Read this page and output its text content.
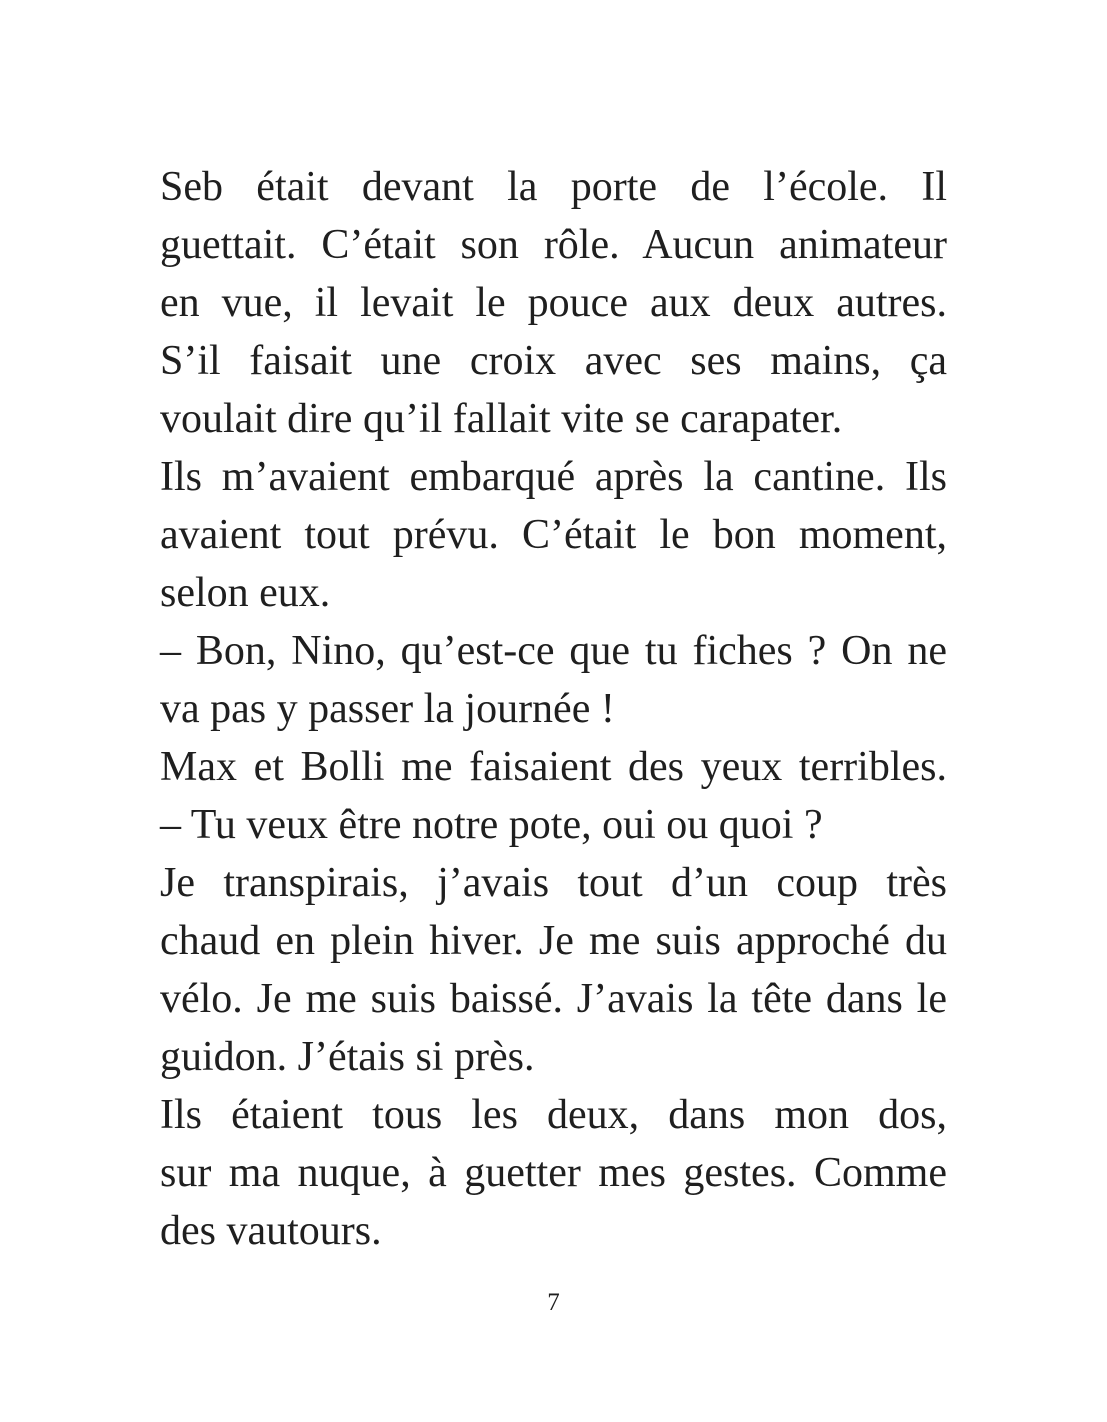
Seb était devant la porte de l’école. Il
guettait. C’était son rôle. Aucun animateur
en vue, il levait le pouce aux deux autres.
S’il faisait une croix avec ses mains, ça
voulait dire qu’il fallait vite se carapater.
Ils m’avaient embarqué après la cantine. Ils
avaient tout prévu. C’était le bon moment,
selon eux.
– Bon, Nino, qu’est-ce que tu fiches ? On ne
va pas y passer la journée !
Max et Bolli me faisaient des yeux terribles.
– Tu veux être notre pote, oui ou quoi ?
Je transpirais, j’avais tout d’un coup très
chaud en plein hiver. Je me suis approché du
vélo. Je me suis baissé. J’avais la tête dans le
guidon. J’étais si près.
Ils étaient tous les deux, dans mon dos,
sur ma nuque, à guetter mes gestes. Comme
des vautours.
7
